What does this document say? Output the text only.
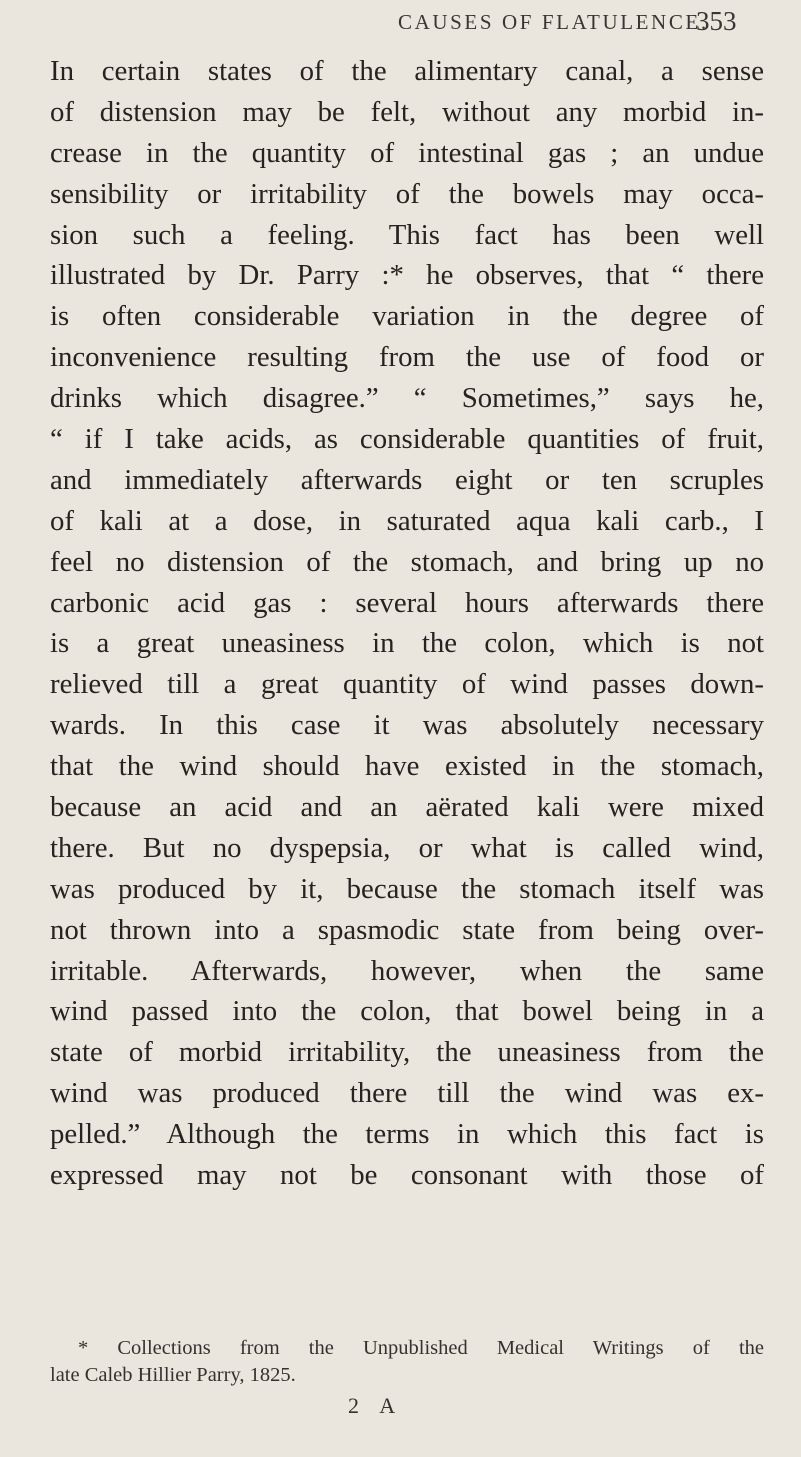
CAUSES OF FLATULENCE.
353
In certain states of the alimentary canal, a sense
of distension may be felt, without any morbid in-
crease in the quantity of intestinal gas ; an undue
sensibility or irritability of the bowels may occa-
sion such a feeling. This fact has been well
illustrated by Dr. Parry :* he observes, that “ there
is often considerable variation in the degree of
inconvenience resulting from the use of food or
drinks which disagree.” “ Sometimes,” says he,
“ if I take acids, as considerable quantities of fruit,
and immediately afterwards eight or ten scruples
of kali at a dose, in saturated aqua kali carb., I
feel no distension of the stomach, and bring up no
carbonic acid gas : several hours afterwards there
is a great uneasiness in the colon, which is not
relieved till a great quantity of wind passes down-
wards. In this case it was absolutely necessary
that the wind should have existed in the stomach,
because an acid and an aërated kali were mixed
there. But no dyspepsia, or what is called wind,
was produced by it, because the stomach itself was
not thrown into a spasmodic state from being over-
irritable. Afterwards, however, when the same
wind passed into the colon, that bowel being in a
state of morbid irritability, the uneasiness from the
wind was produced there till the wind was ex-
pelled.” Although the terms in which this fact is
expressed may not be consonant with those of
* Collections from the Unpublished Medical Writings of the
late Caleb Hillier Parry, 1825.
2 A
